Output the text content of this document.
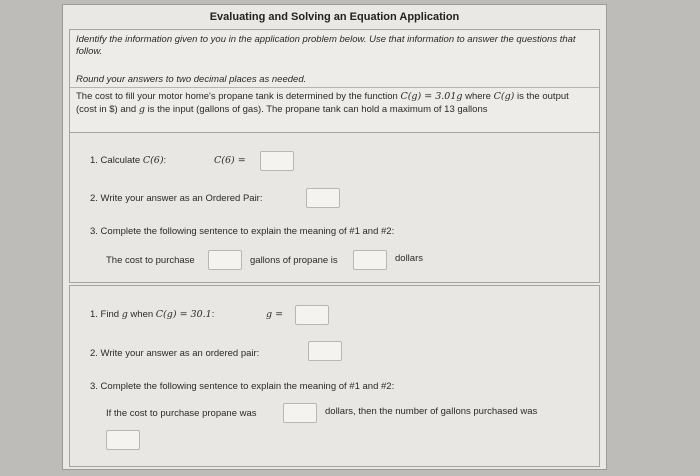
Evaluating and Solving an Equation Application
Identify the information given to you in the application problem below. Use that information to answer the questions that follow.
Round your answers to two decimal places as needed.
The cost to fill your motor home's propane tank is determined by the function C(g) = 3.01g where C(g) is the output (cost in $) and g is the input (gallons of gas). The propane tank can hold a maximum of 13 gallons
1. Calculate C(6):	C(6) =
2. Write your answer as an Ordered Pair:
3. Complete the following sentence to explain the meaning of #1 and #2:
The cost to purchase	gallons of propane is	dollars
1. Find g when C(g) = 30.1:	g =
2. Write your answer as an ordered pair:
3. Complete the following sentence to explain the meaning of #1 and #2:
If the cost to purchase propane was	dollars, then the number of gallons purchased was
